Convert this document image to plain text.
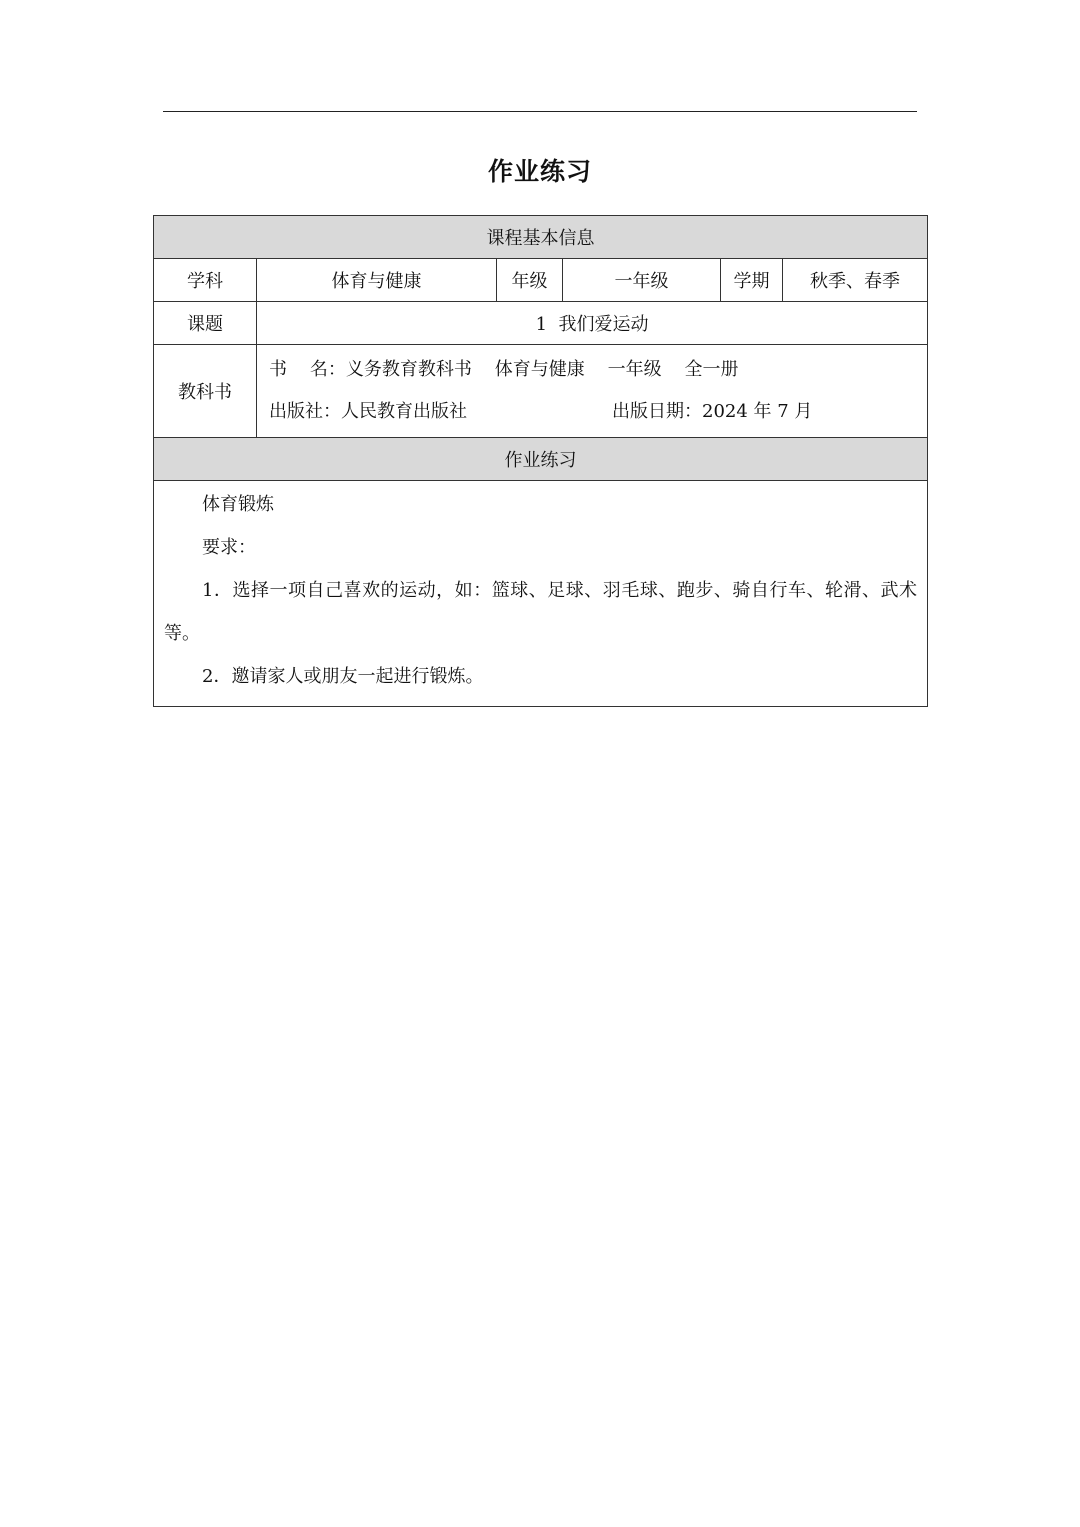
作业练习
课程基本信息					
学科	体育与健康	年级	一年级	学期	秋季、春季
课题	1  我们爱运动				
教科书	书    名：义务教育教科书    体育与健康    一年级    全一册
出版社：人民教育出版社 出版日期：2024 年 7 月				

作业练习					

体育锻炼

要求：

1．选择一项自己喜欢的运动，如：篮球、足球、羽毛球、跑步、骑自行车、轮滑、武术等。

2．邀请家人或朋友一起进行锻炼。					
